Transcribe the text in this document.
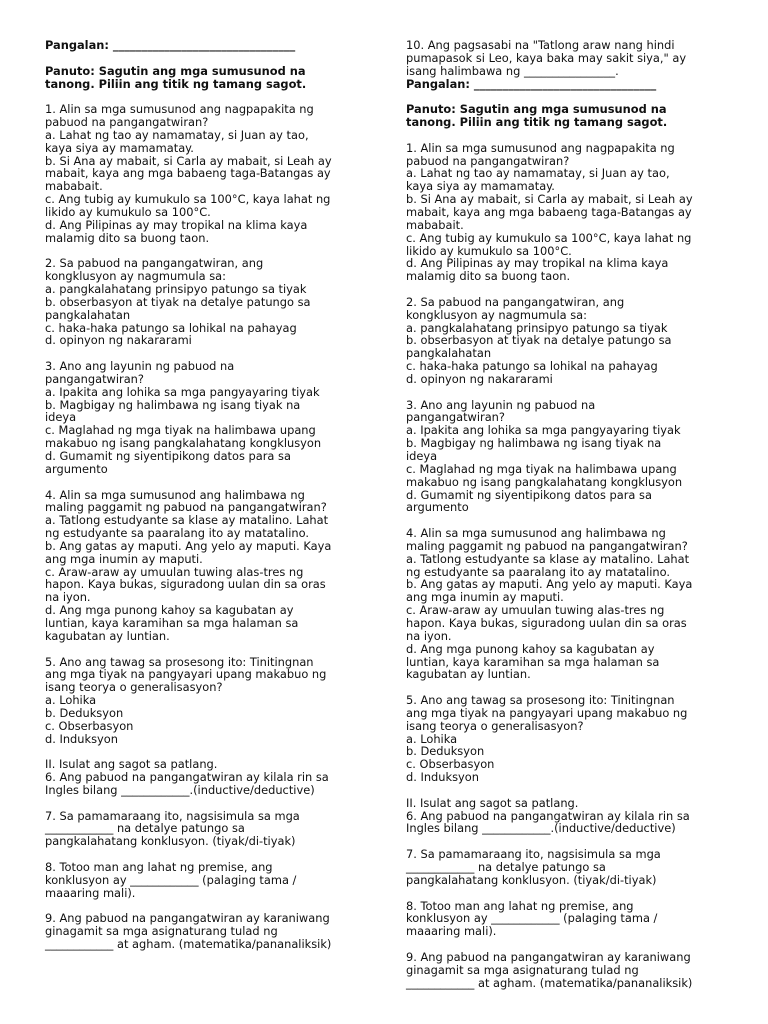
Pangalan: ________________________________
Panuto: Sagutin ang mga sumusunod na
tanong. Piliin ang titik ng tamang sagot.
1. Alin sa mga sumusunod ang nagpapakita ng
pabuod na pangangatwiran?
a. Lahat ng tao ay namamatay, si Juan ay tao,
kaya siya ay mamamatay.
b. Si Ana ay mabait, si Carla ay mabait, si Leah ay
mabait, kaya ang mga babaeng taga-Batangas ay
mababait.
c. Ang tubig ay kumukulo sa 100°C, kaya lahat ng
likido ay kumukulo sa 100°C.
d. Ang Pilipinas ay may tropikal na klima kaya
malamig dito sa buong taon.
2. Sa pabuod na pangangatwiran, ang
kongklusyon ay nagmumula sa:
a. pangkalahatang prinsipyo patungo sa tiyak
b. obserbasyon at tiyak na detalye patungo sa
pangkalahatan
c. haka-haka patungo sa lohikal na pahayag
d. opinyon ng nakararami
3. Ano ang layunin ng pabuod na
pangangatwiran?
a. Ipakita ang lohika sa mga pangyayaring tiyak
b. Magbigay ng halimbawa ng isang tiyak na
ideya
c. Maglahad ng mga tiyak na halimbawa upang
makabuo ng isang pangkalahatang kongklusyon
d. Gumamit ng siyentipikong datos para sa
argumento
4. Alin sa mga sumusunod ang halimbawa ng
maling paggamit ng pabuod na pangangatwiran?
a. Tatlong estudyante sa klase ay matalino. Lahat
ng estudyante sa paaralang ito ay matatalino.
b. Ang gatas ay maputi. Ang yelo ay maputi. Kaya
ang mga inumin ay maputi.
c. Araw-araw ay umuulan tuwing alas-tres ng
hapon. Kaya bukas, siguradong uulan din sa oras
na iyon.
d. Ang mga punong kahoy sa kagubatan ay
luntian, kaya karamihan sa mga halaman sa
kagubatan ay luntian.
5. Ano ang tawag sa prosesong ito: Tinitingnan
ang mga tiyak na pangyayari upang makabuo ng
isang teorya o generalisasyon?
a. Lohika
b. Deduksyon
c. Obserbasyon
d. Induksyon
II. Isulat ang sagot sa patlang.
6. Ang pabuod na pangangatwiran ay kilala rin sa
Ingles bilang ____________.(inductive/deductive)
7. Sa pamamaraang ito, nagsisimula sa mga
____________ na detalye patungo sa
pangkalahatang konklusyon. (tiyak/di-tiyak)
8. Totoo man ang lahat ng premise, ang
konklusyon ay ____________ (palaging tama /
maaaring mali).
9. Ang pabuod na pangangatwiran ay karaniwang
ginagamit sa mga asignaturang tulad ng
____________ at agham. (matematika/pananaliksik)
10. Ang pagsasabi na "Tatlong araw nang hindi
pumapasok si Leo, kaya baka may sakit siya," ay
isang halimbawa ng ________________.
Pangalan: ________________________________
Panuto: Sagutin ang mga sumusunod na
tanong. Piliin ang titik ng tamang sagot.
1. Alin sa mga sumusunod ang nagpapakita ng
pabuod na pangangatwiran?
a. Lahat ng tao ay namamatay, si Juan ay tao,
kaya siya ay mamamatay.
b. Si Ana ay mabait, si Carla ay mabait, si Leah ay
mabait, kaya ang mga babaeng taga-Batangas ay
mababait.
c. Ang tubig ay kumukulo sa 100°C, kaya lahat ng
likido ay kumukulo sa 100°C.
d. Ang Pilipinas ay may tropikal na klima kaya
malamig dito sa buong taon.
2. Sa pabuod na pangangatwiran, ang
kongklusyon ay nagmumula sa:
a. pangkalahatang prinsipyo patungo sa tiyak
b. obserbasyon at tiyak na detalye patungo sa
pangkalahatan
c. haka-haka patungo sa lohikal na pahayag
d. opinyon ng nakararami
3. Ano ang layunin ng pabuod na
pangangatwiran?
a. Ipakita ang lohika sa mga pangyayaring tiyak
b. Magbigay ng halimbawa ng isang tiyak na
ideya
c. Maglahad ng mga tiyak na halimbawa upang
makabuo ng isang pangkalahatang kongklusyon
d. Gumamit ng siyentipikong datos para sa
argumento
4. Alin sa mga sumusunod ang halimbawa ng
maling paggamit ng pabuod na pangangatwiran?
a. Tatlong estudyante sa klase ay matalino. Lahat
ng estudyante sa paaralang ito ay matatalino.
b. Ang gatas ay maputi. Ang yelo ay maputi. Kaya
ang mga inumin ay maputi.
c. Araw-araw ay umuulan tuwing alas-tres ng
hapon. Kaya bukas, siguradong uulan din sa oras
na iyon.
d. Ang mga punong kahoy sa kagubatan ay
luntian, kaya karamihan sa mga halaman sa
kagubatan ay luntian.
5. Ano ang tawag sa prosesong ito: Tinitingnan
ang mga tiyak na pangyayari upang makabuo ng
isang teorya o generalisasyon?
a. Lohika
b. Deduksyon
c. Obserbasyon
d. Induksyon
II. Isulat ang sagot sa patlang.
6. Ang pabuod na pangangatwiran ay kilala rin sa
Ingles bilang ____________.(inductive/deductive)
7. Sa pamamaraang ito, nagsisimula sa mga
____________ na detalye patungo sa
pangkalahatang konklusyon. (tiyak/di-tiyak)
8. Totoo man ang lahat ng premise, ang
konklusyon ay ____________ (palaging tama /
maaaring mali).
9. Ang pabuod na pangangatwiran ay karaniwang
ginagamit sa mga asignaturang tulad ng
____________ at agham. (matematika/pananaliksik)
